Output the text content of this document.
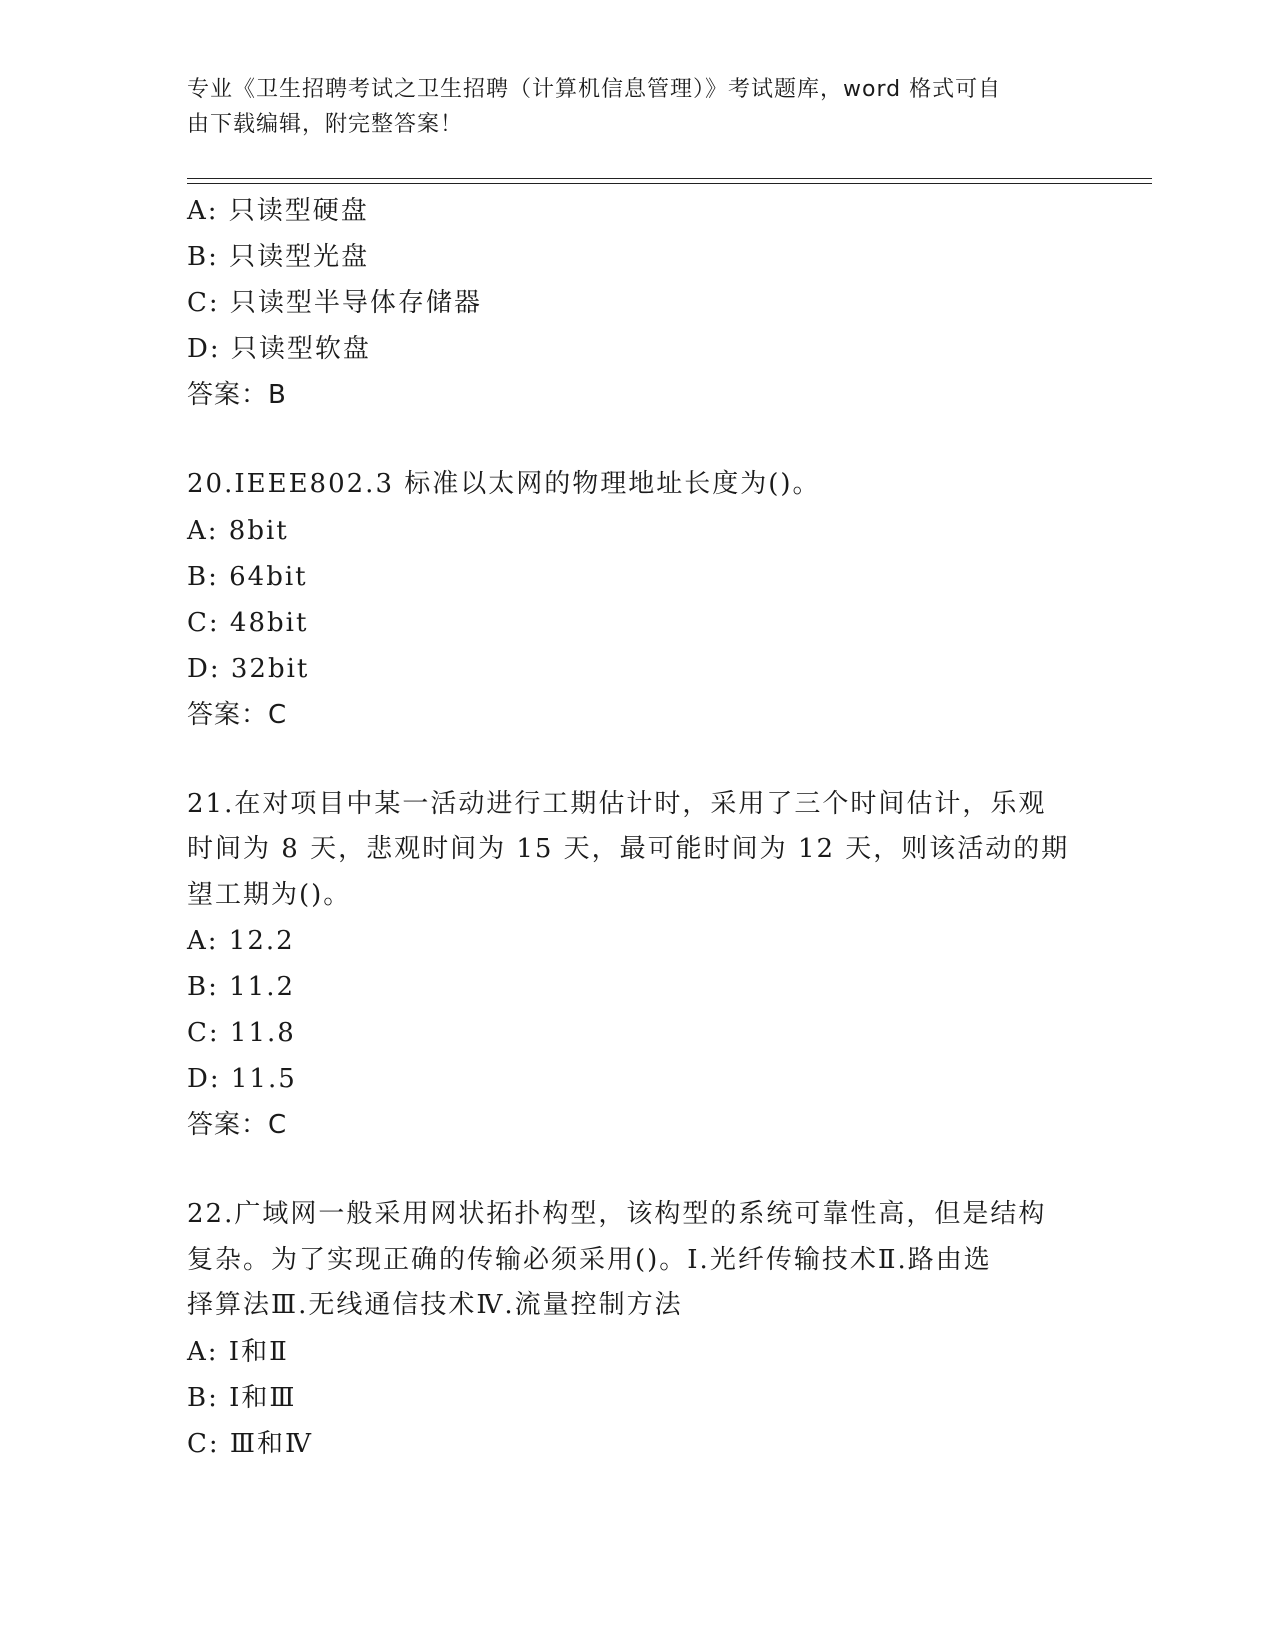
专业《卫生招聘考试之卫生招聘（计算机信息管理）》考试题库，word 格式可自
由下载编辑，附完整答案！
A: 只读型硬盘
B: 只读型光盘
C: 只读型半导体存储器
D: 只读型软盘
答案：B
20.IEEE802.3 标准以太网的物理地址长度为()。
A: 8bit
B: 64bit
C: 48bit
D: 32bit
答案：C
21.在对项目中某一活动进行工期估计时，采用了三个时间估计，乐观
时间为 8 天，悲观时间为 15 天，最可能时间为 12 天，则该活动的期
望工期为()。
A: 12.2
B: 11.2
C: 11.8
D: 11.5
答案：C
22.广域网一般采用网状拓扑构型，该构型的系统可靠性高，但是结构
复杂。为了实现正确的传输必须采用()。Ⅰ.光纤传输技术Ⅱ.路由选
择算法Ⅲ.无线通信技术Ⅳ.流量控制方法
A: Ⅰ和Ⅱ
B: Ⅰ和Ⅲ
C: Ⅲ和Ⅳ
